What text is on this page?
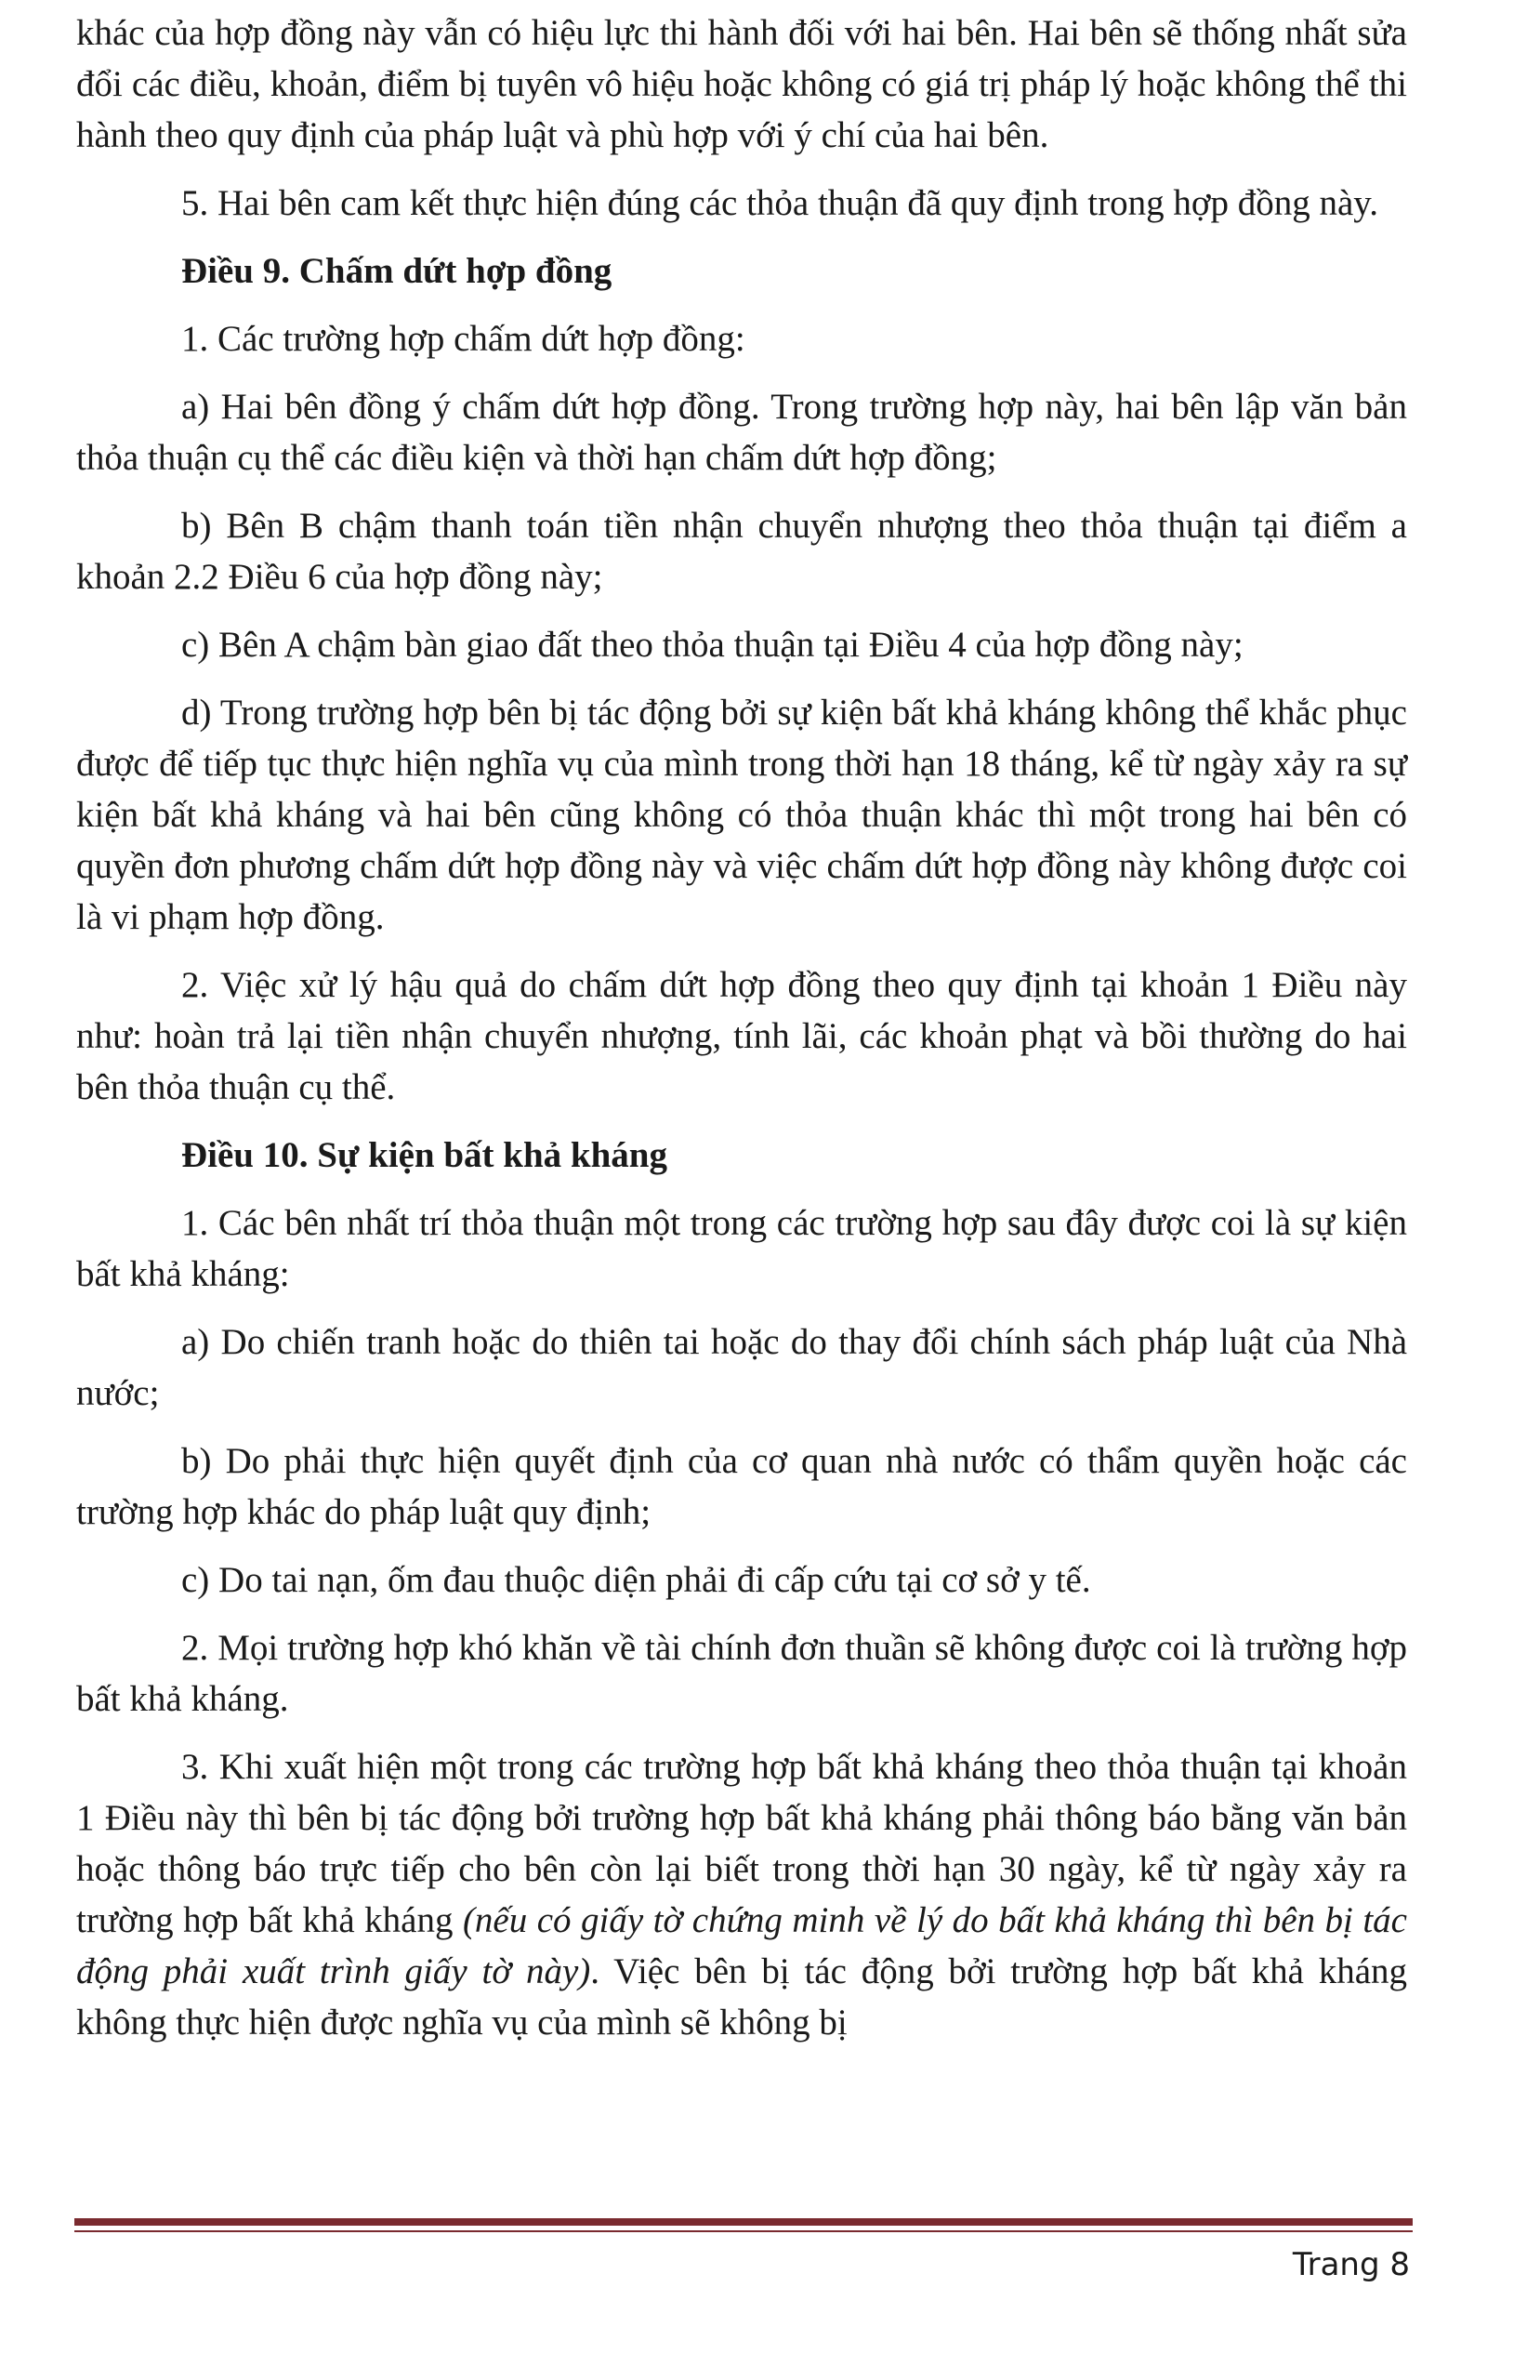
khác của hợp đồng này vẫn có hiệu lực thi hành đối với hai bên. Hai bên sẽ thống nhất sửa đổi các điều, khoản, điểm bị tuyên vô hiệu hoặc không có giá trị pháp lý hoặc không thể thi hành theo quy định của pháp luật và phù hợp với ý chí của hai bên.

5. Hai bên cam kết thực hiện đúng các thỏa thuận đã quy định trong hợp đồng này.

Điều 9. Chấm dứt hợp đồng

1. Các trường hợp chấm dứt hợp đồng:

a) Hai bên đồng ý chấm dứt hợp đồng. Trong trường hợp này, hai bên lập văn bản thỏa thuận cụ thể các điều kiện và thời hạn chấm dứt hợp đồng;

b) Bên B chậm thanh toán tiền nhận chuyển nhượng theo thỏa thuận tại điểm a khoản 2.2 Điều 6 của hợp đồng này;

c) Bên A chậm bàn giao đất theo thỏa thuận tại Điều 4 của hợp đồng này;

d) Trong trường hợp bên bị tác động bởi sự kiện bất khả kháng không thể khắc phục được để tiếp tục thực hiện nghĩa vụ của mình trong thời hạn 18 tháng, kể từ ngày xảy ra sự kiện bất khả kháng và hai bên cũng không có thỏa thuận khác thì một trong hai bên có quyền đơn phương chấm dứt hợp đồng này và việc chấm dứt hợp đồng này không được coi là vi phạm hợp đồng.

2. Việc xử lý hậu quả do chấm dứt hợp đồng theo quy định tại khoản 1 Điều này như: hoàn trả lại tiền nhận chuyển nhượng, tính lãi, các khoản phạt và bồi thường do hai bên thỏa thuận cụ thể.

Điều 10. Sự kiện bất khả kháng

1. Các bên nhất trí thỏa thuận một trong các trường hợp sau đây được coi là sự kiện bất khả kháng:

a) Do chiến tranh hoặc do thiên tai hoặc do thay đổi chính sách pháp luật của Nhà nước;

b) Do phải thực hiện quyết định của cơ quan nhà nước có thẩm quyền hoặc các trường hợp khác do pháp luật quy định;

c) Do tai nạn, ốm đau thuộc diện phải đi cấp cứu tại cơ sở y tế.

2. Mọi trường hợp khó khăn về tài chính đơn thuần sẽ không được coi là trường hợp bất khả kháng.

3. Khi xuất hiện một trong các trường hợp bất khả kháng theo thỏa thuận tại khoản 1 Điều này thì bên bị tác động bởi trường hợp bất khả kháng phải thông báo bằng văn bản hoặc thông báo trực tiếp cho bên còn lại biết trong thời hạn 30 ngày, kể từ ngày xảy ra trường hợp bất khả kháng (nếu có giấy tờ chứng minh về lý do bất khả kháng thì bên bị tác động phải xuất trình giấy tờ này). Việc bên bị tác động bởi trường hợp bất khả kháng không thực hiện được nghĩa vụ của mình sẽ không bị

Trang 8
